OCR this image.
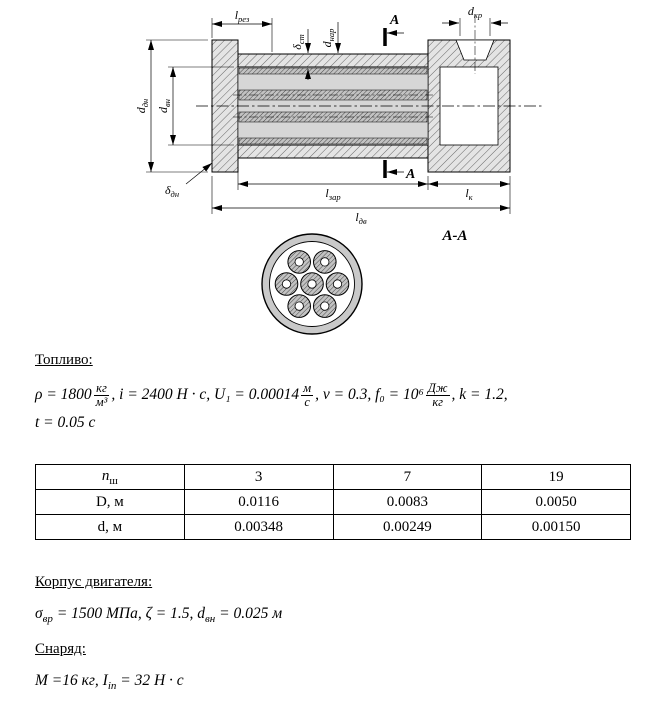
$l_{рез}$
$\delta_{ст}$
$d_{нар}$
А
А
$d_{кр}$
$d_{дн}$
$d_{вн}$
$\delta_{дн}$	$l_{зар}$	$l_к$
$l_{дв}$
А-А
Топливо:
$\rho = 1800 \frac{кг}{\text{м³}}$ , i = 2400 Н · с, $U_1 = 0.00014 \frac{м}{с}$ , ν = 0.3, $f_0 = 10^6 \frac{Дж}{кг}$ , k = 1.2,
t = 0.05 с
$n_ш$	3	7	19
D, м	0.0116	0.0083	0.0050
d, м	0.00348	0.00249	0.00150
Корпус двигателя:
$\sigma_{вр} = 1500$ МПа, ζ = 1.5, $d_{вн} = 0.025$ м
Снаряд:
M =16 кг, $I_{in} = 32$ Н · с
